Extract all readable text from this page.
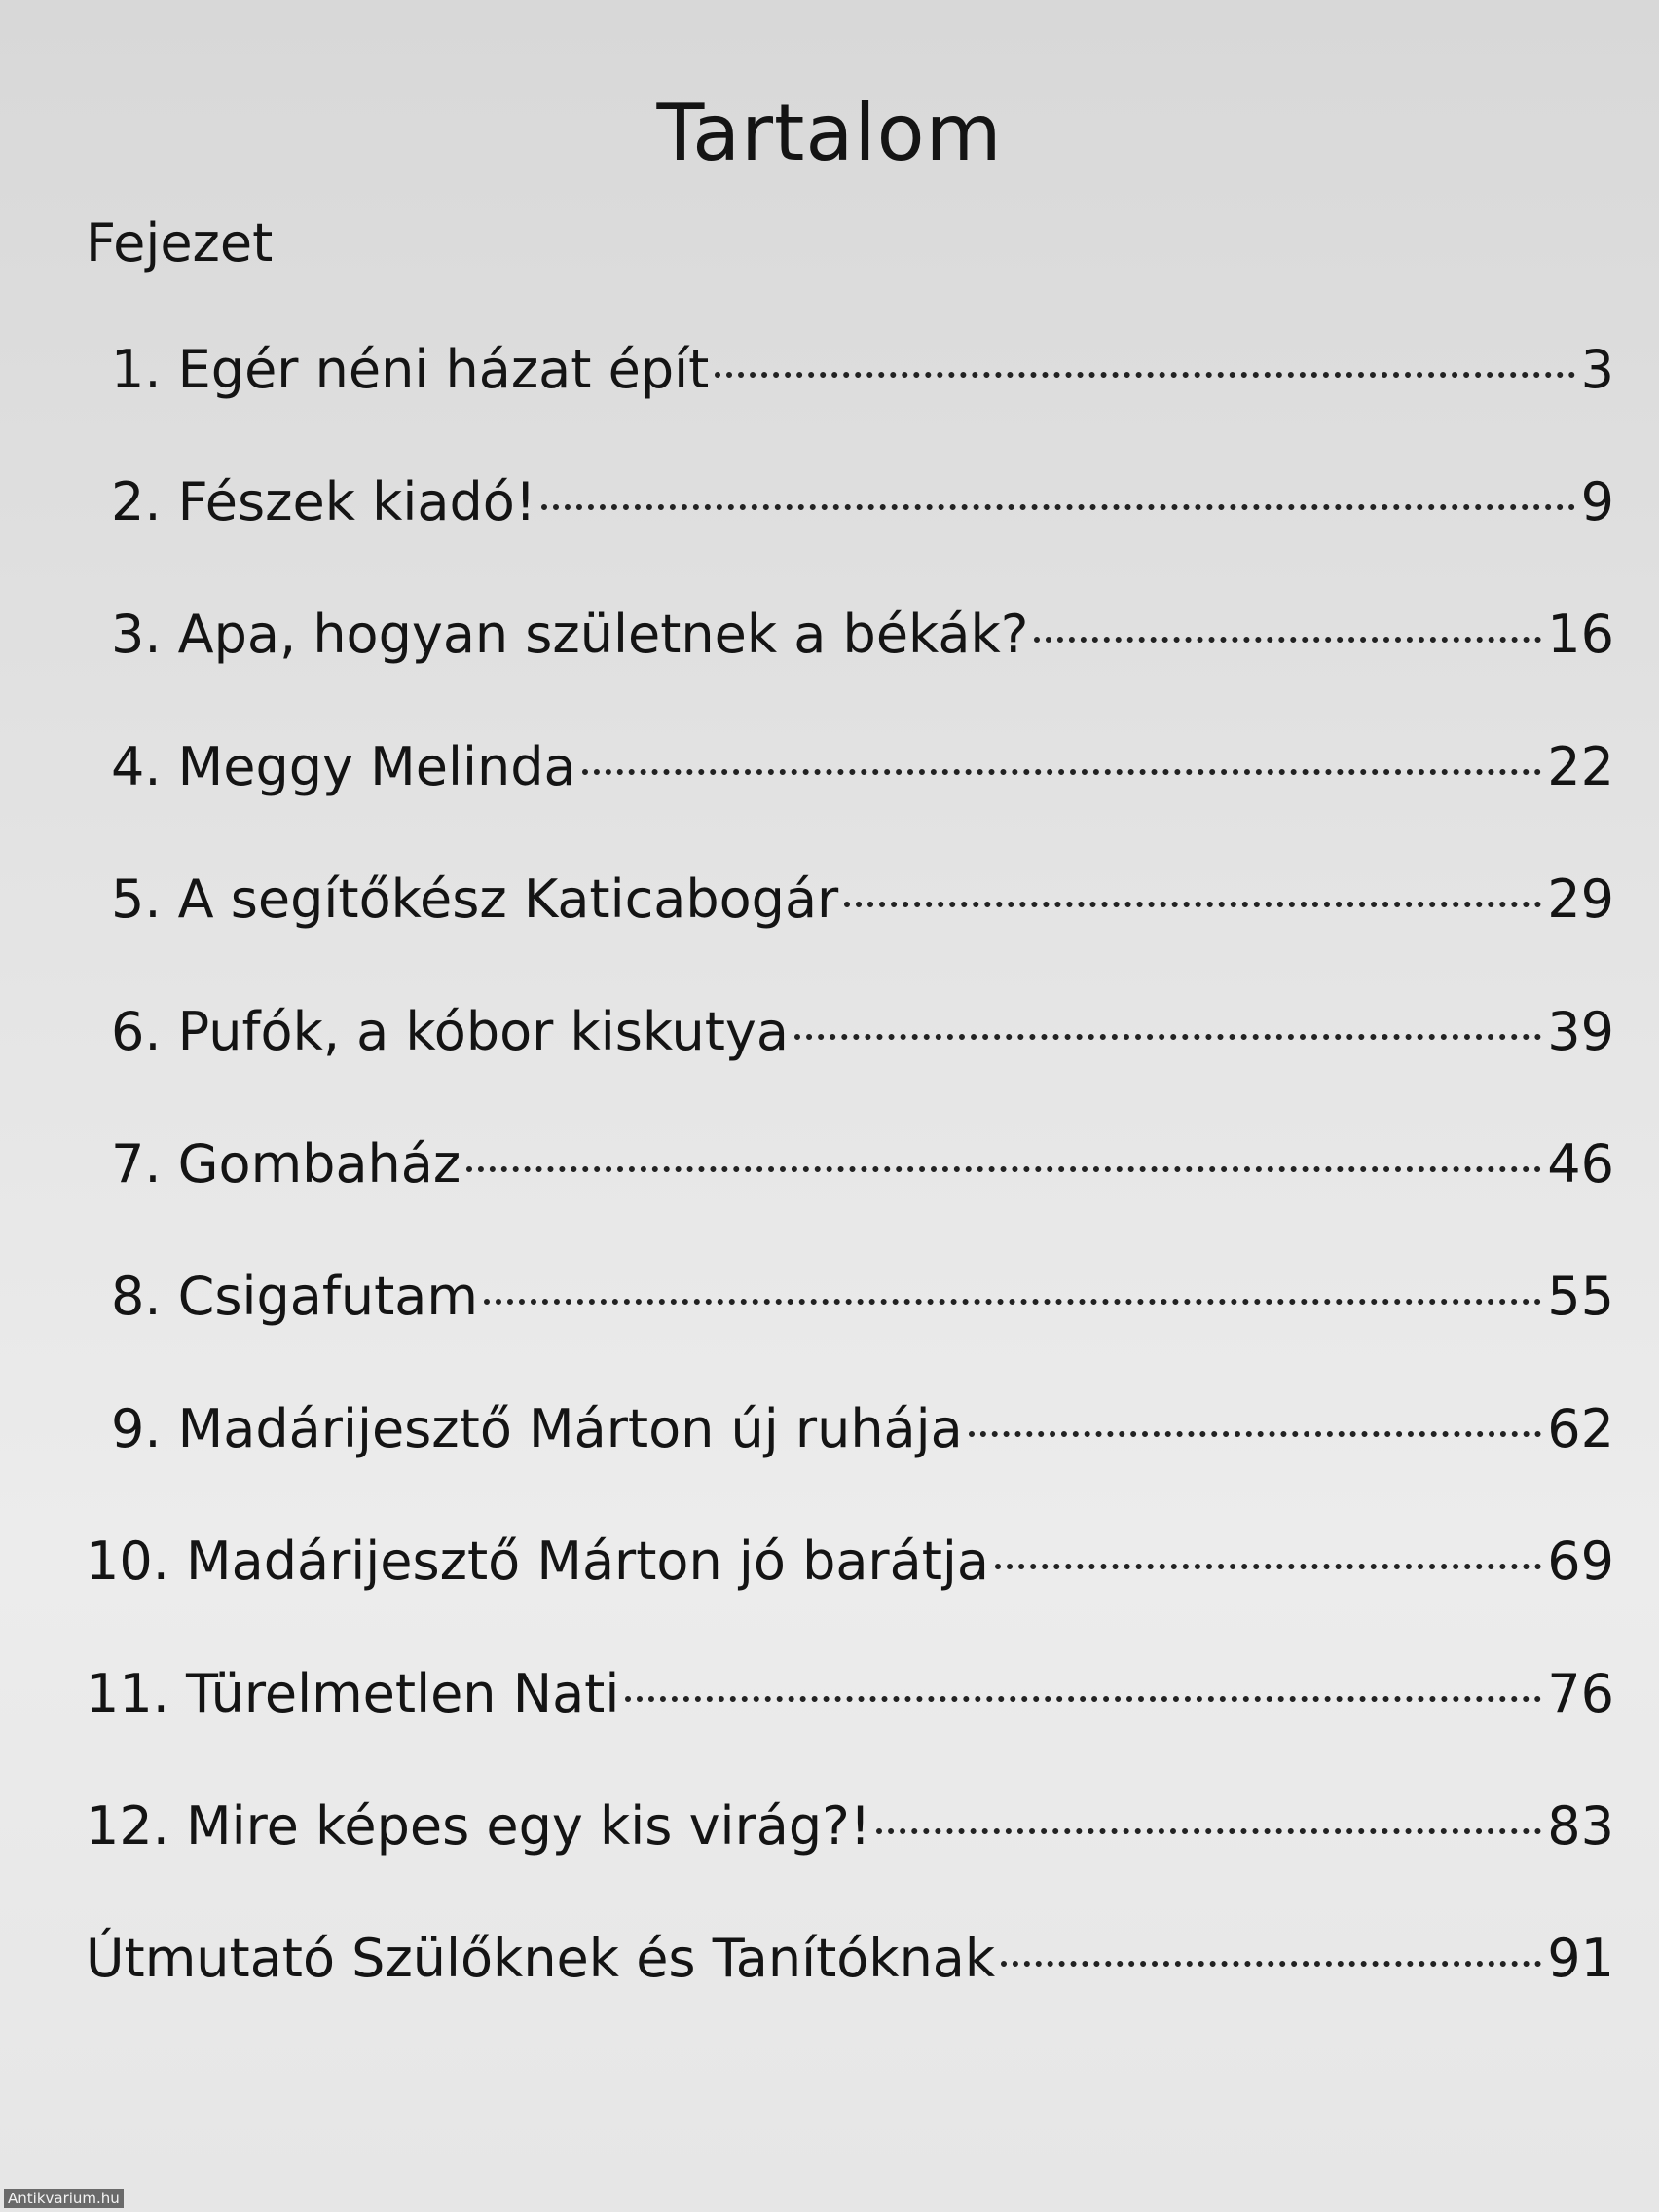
Tartalom
Fejezet
1. Egér néni házat épít	3
2. Fészek kiadó!	9
3. Apa, hogyan születnek a békák?	16
4. Meggy Melinda	22
5. A segítőkész Katicabogár	29
6. Pufók, a kóbor kiskutya	39
7. Gombaház	46
8. Csigafutam	55
9. Madárijesztő Márton új ruhája	62
10. Madárijesztő Márton jó barátja	69
11. Türelmetlen Nati	76
12. Mire képes egy kis virág?!	83
Útmutató Szülőknek és Tanítóknak	91
Antikvarium.hu
